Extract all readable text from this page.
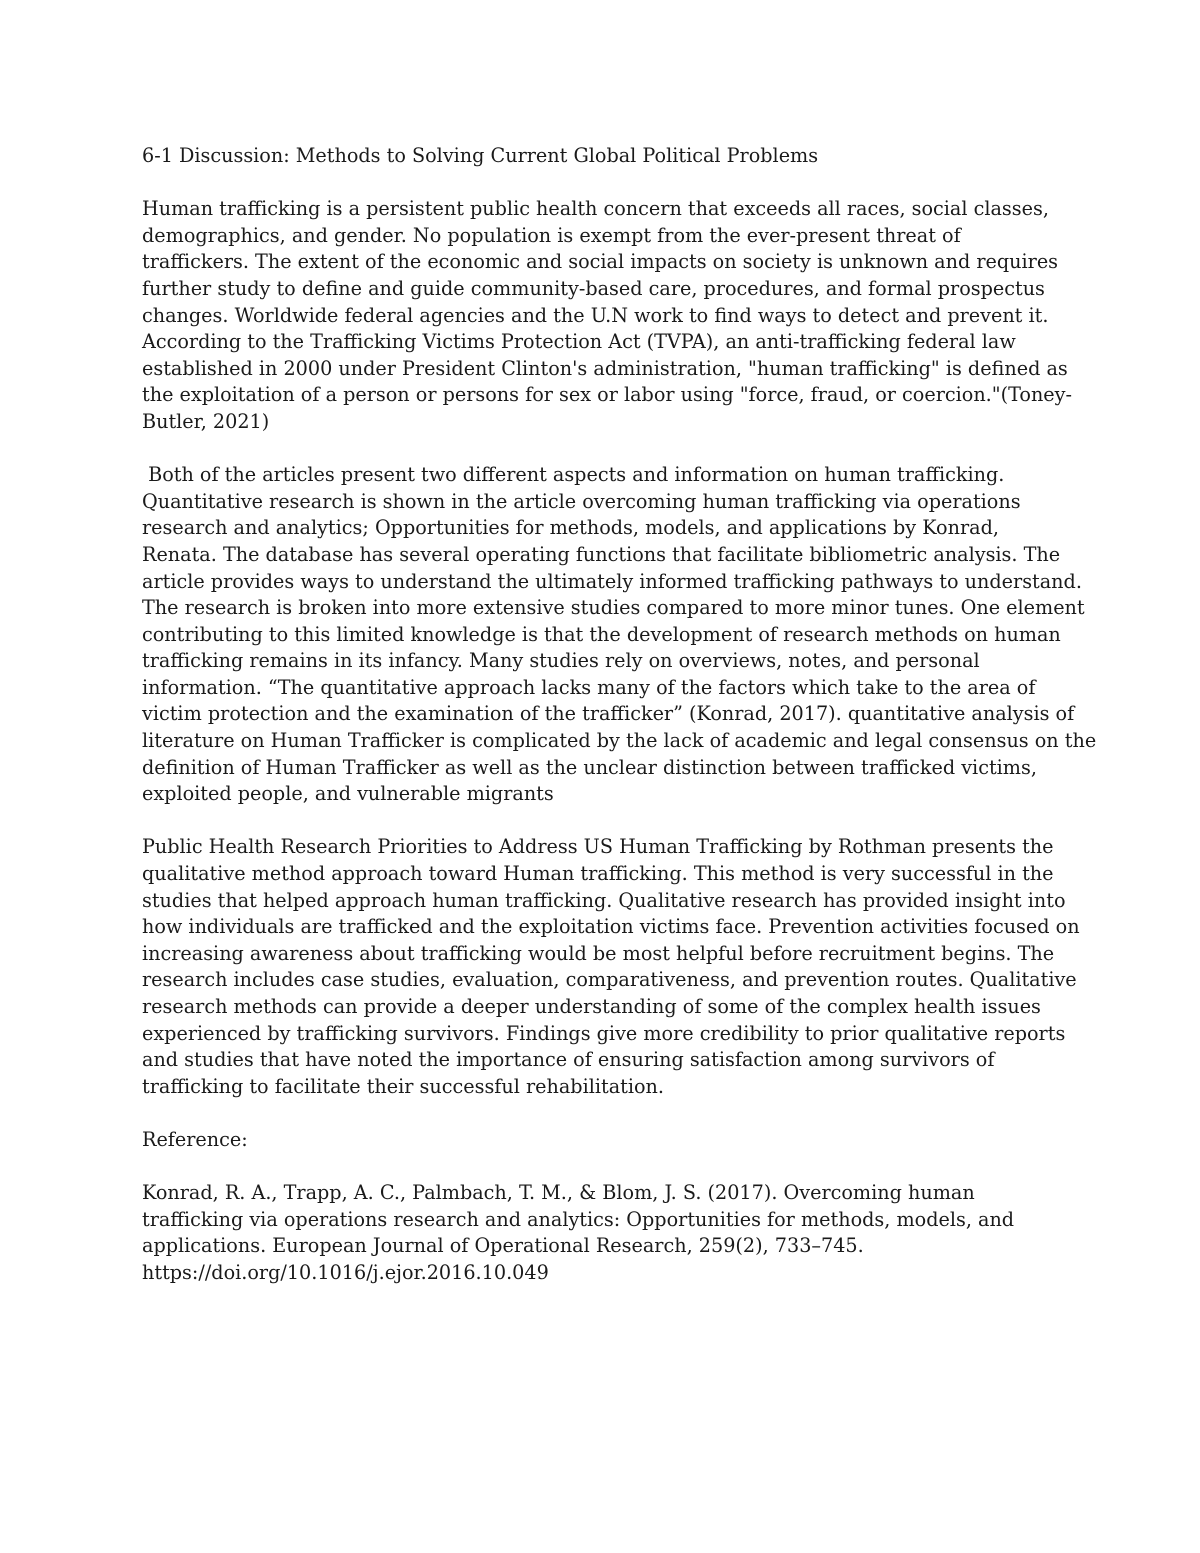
6-1 Discussion: Methods to Solving Current Global Political Problems
Human trafficking is a persistent public health concern that exceeds all races, social classes,
demographics, and gender. No population is exempt from the ever-present threat of
traffickers. The extent of the economic and social impacts on society is unknown and requires
further study to define and guide community-based care, procedures, and formal prospectus
changes. Worldwide federal agencies and the U.N work to find ways to detect and prevent it.
According to the Trafficking Victims Protection Act (TVPA), an anti-trafficking federal law
established in 2000 under President Clinton's administration, "human trafficking" is defined as
the exploitation of a person or persons for sex or labor using "force, fraud, or coercion."(Toney-
Butler, 2021)
Both of the articles present two different aspects and information on human trafficking.
Quantitative research is shown in the article overcoming human trafficking via operations
research and analytics; Opportunities for methods, models, and applications by Konrad,
Renata. The database has several operating functions that facilitate bibliometric analysis. The
article provides ways to understand the ultimately informed trafficking pathways to understand.
The research is broken into more extensive studies compared to more minor tunes. One element
contributing to this limited knowledge is that the development of research methods on human
trafficking remains in its infancy. Many studies rely on overviews, notes, and personal
information. “The quantitative approach lacks many of the factors which take to the area of
victim protection and the examination of the trafficker” (Konrad, 2017). quantitative analysis of
literature on Human Trafficker is complicated by the lack of academic and legal consensus on the
definition of Human Trafficker as well as the unclear distinction between trafficked victims,
exploited people, and vulnerable migrants
Public Health Research Priorities to Address US Human Trafficking by Rothman presents the
qualitative method approach toward Human trafficking. This method is very successful in the
studies that helped approach human trafficking. Qualitative research has provided insight into
how individuals are trafficked and the exploitation victims face. Prevention activities focused on
increasing awareness about trafficking would be most helpful before recruitment begins. The
research includes case studies, evaluation, comparativeness, and prevention routes. Qualitative
research methods can provide a deeper understanding of some of the complex health issues
experienced by trafficking survivors. Findings give more credibility to prior qualitative reports
and studies that have noted the importance of ensuring satisfaction among survivors of
trafficking to facilitate their successful rehabilitation.
Reference:
Konrad, R. A., Trapp, A. C., Palmbach, T. M., & Blom, J. S. (2017). Overcoming human
trafficking via operations research and analytics: Opportunities for methods, models, and
applications. European Journal of Operational Research, 259(2), 733–745.
https://doi.org/10.1016/j.ejor.2016.10.049
